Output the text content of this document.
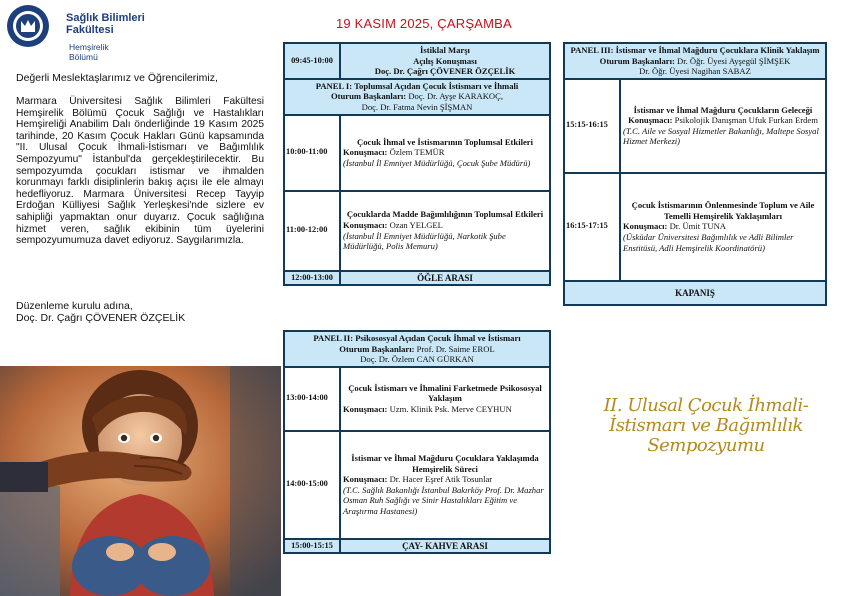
Sağlık Bilimleri
Fakültesi
Hemşirelik
Bölümü
Değerli Meslektaşlarımız ve Öğrencilerimiz,
Marmara Üniversitesi Sağlık Bilimleri Fakültesi Hemşirelik Bölümü Çocuk Sağlığı ve Hastalıkları Hemşireliği Anabilim Dalı önderliğinde 19 Kasım 2025 tarihinde, 20 Kasım Çocuk Hakları Günü kapsamında "II. Ulusal Çocuk İhmali-İstismarı ve Bağımlılık Sempozyumu" İstanbul'da gerçekleştirilecektir. Bu sempozyumda çocukları istismar ve ihmalden korunmayı farklı disiplinlerin bakış açısı ile ele almayı hedefliyoruz. Marmara Üniversitesi Recep Tayyip Erdoğan Külliyesi Sağlık Yerleşkesi'nde sizlere ev sahipliği yapmaktan onur duyarız. Çocuk sağlığına hizmet veren, sağlık ekibinin tüm üyelerini sempozyumumuza davet ediyoruz. Saygılarımızla.
Düzenleme kurulu adına,
Doç. Dr. Çağrı ÇÖVENER ÖZÇELİK
19 KASIM 2025, ÇARŞAMBA
09:45-10:00	İstiklal Marşı
Açılış Konuşması
Doç. Dr. Çağrı ÇÖVENER ÖZÇELİK

PANEL I: Toplumsal Açıdan Çocuk İstismarı ve İhmali
Oturum Başkanları: Doç. Dr. Ayşe KARAKOÇ,
Doç. Dr. Fatma Nevin ŞİŞMAN	

10:00-11:00	Çocuk İhmal ve İstismarının Toplumsal Etkileri
Konuşmacı: Özlem TEMÜR
(İstanbul İl Emniyet Müdürlüğü, Çocuk Şube Müdürü)

11:00-12:00	Çocuklarda Madde Bağımlılığının Toplumsal Etkileri
Konuşmacı: Ozan YELGEL
(İstanbul İl Emniyet Müdürlüğü, Narkotik Şube Müdürlüğü, Polis Memuru)

12:00-13:00	ÖĞLE ARASI
PANEL II: Psikososyal Açıdan Çocuk İhmal ve İstismarı
Oturum Başkanları: Prof. Dr. Saime EROL
Doç. Dr. Özlem CAN GÜRKAN	

13:00-14:00	Çocuk İstismarı ve İhmalini Farketmede Psikososyal Yaklaşım
Konuşmacı: Uzm. Klinik Psk. Merve CEYHUN

14:00-15:00	İstismar ve İhmal Mağduru Çocuklara Yaklaşımda Hemşirelik Süreci
Konuşmacı: Dr. Hacer Eşref Atik Tosunlar
(T.C. Sağlık Bakanlığı İstanbul Bakırköy Prof. Dr. Mazhar Osman Ruh Sağlığı ve Sinir Hastalıkları Eğitim ve Araştırma Hastanesi)

15:00-15:15	ÇAY- KAHVE ARASI
PANEL III: İstismar ve İhmal Mağduru Çocuklara Klinik Yaklaşım
Oturum Başkanları: Dr. Öğr. Üyesi Ayşegül ŞİMŞEK
Dr. Öğr. Üyesi Nagihan SABAZ	

15:15-16:15	İstismar ve İhmal Mağduru Çocukların Geleceği
Konuşmacı: Psikolojik Danışman Ufuk Furkan Erdem
(T.C. Aile ve Sosyal Hizmetler Bakanlığı, Maltepe Sosyal Hizmet Merkezi)

16:15-17:15	Çocuk İstismarının Önlenmesinde Toplum ve Aile Temelli Hemşirelik Yaklaşımları
Konuşmacı: Dr. Ümit TUNA
(Üsküdar Üniversitesi Bağımlılık ve Adli Bilimler Enstitüsü, Adli Hemşirelik Koordinatörü)

KAPANIŞ	
II. Ulusal Çocuk İhmali-İstismarı ve Bağımlılık Sempozyumu
